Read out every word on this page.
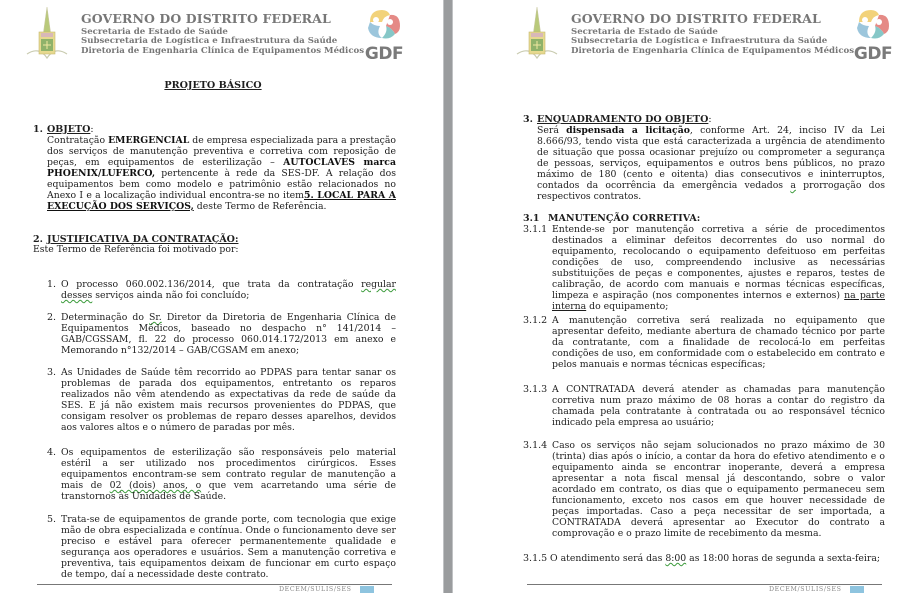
GOVERNO DO DISTRITO FEDERAL
Secretaria de Estado de Saúde
Subsecretaria de Logística e Infraestrutura da Saúde
Diretoria de Engenharia Clínica de Equipamentos Médicos GDF
PROJETO BÁSICO
1. OBJETO:
Contratação EMERGENCIAL de empresa especializada para a prestação dos serviços de manutenção preventiva e corretiva com reposição de peças, em equipamentos de esterilização – AUTOCLAVES marca PHOENIX/LUFERCO, pertencente à rede da SES-DF. A relação dos equipamentos bem como modelo e patrimônio estão relacionados no Anexo I e a localização individual encontra-se no item5. LOCAL PARA A EXECUÇÃO DOS SERVIÇOS, deste Termo de Referência.
2. JUSTIFICATIVA DA CONTRATAÇÃO:
Este Termo de Referência foi motivado por:
1. O processo 060.002.136/2014, que trata da contratação regular desses serviços ainda não foi concluído;
2. Determinação do Sr. Diretor da Diretoria de Engenharia Clínica de Equipamentos Médicos, baseado no despacho n° 141/2014 – GAB/CGSSAM, fl. 22 do processo 060.014.172/2013 em anexo e Memorando n°132/2014 – GAB/CGSAM em anexo;
3. As Unidades de Saúde têm recorrido ao PDPAS para tentar sanar os problemas de parada dos equipamentos, entretanto os reparos realizados não vêm atendendo as expectativas da rede de saúde da SES. E já não existem mais recursos provenientes do PDPAS, que consigam resolver os problemas de reparo desses aparelhos, devidos aos valores altos e o número de paradas por mês.
4. Os equipamentos de esterilização são responsáveis pelo material estéril a ser utilizado nos procedimentos cirúrgicos. Esses equipamentos encontram-se sem contrato regular de manutenção a mais de 02 (dois) anos, o que vem acarretando uma série de transtornos às Unidades de Saúde.
5. Trata-se de equipamentos de grande porte, com tecnologia que exige mão de obra especializada e contínua. Onde o funcionamento deve ser preciso e estável para oferecer permanentemente qualidade e segurança aos operadores e usuários. Sem a manutenção corretiva e preventiva, tais equipamentos deixam de funcionar em curto espaço de tempo, daí a necessidade deste contrato.
DECEM/SULIS/SES
GOVERNO DO DISTRITO FEDERAL
Secretaria de Estado de Saúde
Subsecretaria de Logística e Infraestrutura da Saúde
Diretoria de Engenharia Clínica de Equipamentos Médicos GDF
3. ENQUADRAMENTO DO OBJETO:
Será dispensada a licitação, conforme Art. 24, inciso IV da Lei 8.666/93, tendo vista que está caracterizada a urgência de atendimento de situação que possa ocasionar prejuízo ou comprometer a segurança de pessoas, serviços, equipamentos e outros bens públicos, no prazo máximo de 180 (cento e oitenta) dias consecutivos e ininterruptos, contados da ocorrência da emergência vedados a prorrogação dos respectivos contratos.
3.1 MANUTENÇÃO CORRETIVA:
3.1.1 Entende-se por manutenção corretiva a série de procedimentos destinados a eliminar defeitos decorrentes do uso normal do equipamento, recolocando o equipamento defeituoso em perfeitas condições de uso, compreendendo inclusive as necessárias substituições de peças e componentes, ajustes e reparos, testes de calibração, de acordo com manuais e normas técnicas específicas, limpeza e aspiração (nos componentes internos e externos) na parte interna do equipamento;
3.1.2 A manutenção corretiva será realizada no equipamento que apresentar defeito, mediante abertura de chamado técnico por parte da contratante, com a finalidade de recolocá-lo em perfeitas condições de uso, em conformidade com o estabelecido em contrato e pelos manuais e normas técnicas específicas;
3.1.3 A CONTRATADA deverá atender as chamadas para manutenção corretiva num prazo máximo de 08 horas a contar do registro da chamada pela contratante à contratada ou ao responsável técnico indicado pela empresa ao usuário;
3.1.4 Caso os serviços não sejam solucionados no prazo máximo de 30 (trinta) dias após o início, a contar da hora do efetivo atendimento e o equipamento ainda se encontrar inoperante, deverá a empresa apresentar a nota fiscal mensal já descontando, sobre o valor acordado em contrato, os dias que o equipamento permaneceu sem funcionamento, exceto nos casos em que houver necessidade de peças importadas. Caso a peça necessitar de ser importada, a CONTRATADA deverá apresentar ao Executor do contrato a comprovação e o prazo limite de recebimento da mesma.
3.1.5 O atendimento será das 8:00 as 18:00 horas de segunda a sexta-feira;
DECEM/SULIS/SES
